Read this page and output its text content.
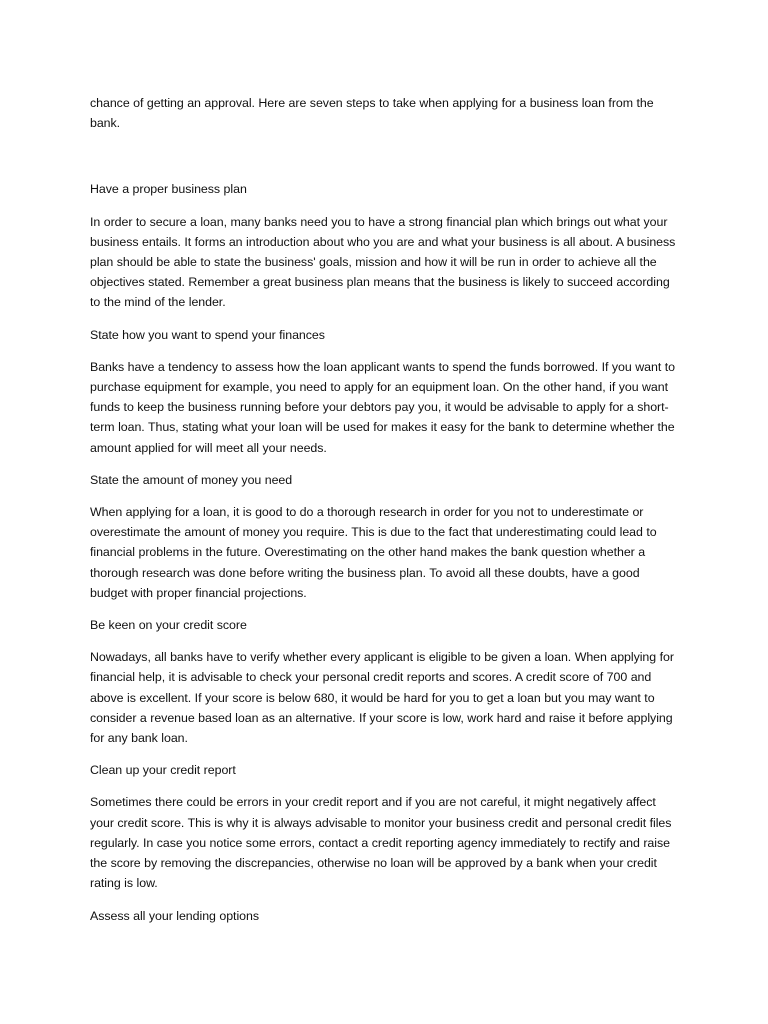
chance of getting an approval. Here are seven steps to take when applying for a business loan from the bank.

Have a proper business plan

In order to secure a loan, many banks need you to have a strong financial plan which brings out what your business entails. It forms an introduction about who you are and what your business is all about. A business plan should be able to state the business' goals, mission and how it will be run in order to achieve all the objectives stated. Remember a great business plan means that the business is likely to succeed according to the mind of the lender.

State how you want to spend your finances

Banks have a tendency to assess how the loan applicant wants to spend the funds borrowed. If you want to purchase equipment for example, you need to apply for an equipment loan. On the other hand, if you want funds to keep the business running before your debtors pay you, it would be advisable to apply for a short-term loan. Thus, stating what your loan will be used for makes it easy for the bank to determine whether the amount applied for will meet all your needs.

State the amount of money you need

When applying for a loan, it is good to do a thorough research in order for you not to underestimate or overestimate the amount of money you require. This is due to the fact that underestimating could lead to financial problems in the future. Overestimating on the other hand makes the bank question whether a thorough research was done before writing the business plan. To avoid all these doubts, have a good budget with proper financial projections.

Be keen on your credit score

Nowadays, all banks have to verify whether every applicant is eligible to be given a loan. When applying for financial help, it is advisable to check your personal credit reports and scores. A credit score of 700 and above is excellent. If your score is below 680, it would be hard for you to get a loan but you may want to consider a revenue based loan as an alternative. If your score is low, work hard and raise it before applying for any bank loan.

Clean up your credit report

Sometimes there could be errors in your credit report and if you are not careful, it might negatively affect your credit score. This is why it is always advisable to monitor your business credit and personal credit files regularly. In case you notice some errors, contact a credit reporting agency immediately to rectify and raise the score by removing the discrepancies, otherwise no loan will be approved by a bank when your credit rating is low.

Assess all your lending options
